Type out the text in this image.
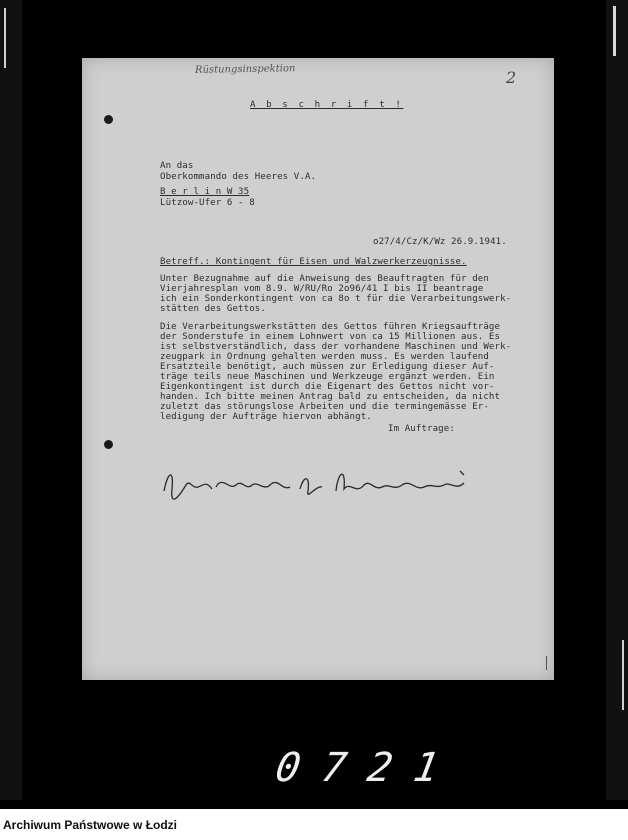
Rüstungsinspektion	2
A b s c h r i f t !
An das
Oberkommando des Heeres V.A.
B e r l i n W 35
Lützow-Ufer 6 - 8
o27/4/Cz/K/Wz 26.9.1941.
Betreff.: Kontingent für Eisen und Walzwerkerzeugnisse.
Unter Bezugnahme auf die Anweisung des Beauftragten für den
Vierjahresplan vom 8.9. W/RU/Ro 2o96/41 I bis II beantrage
ich ein Sonderkontingent von ca 8o t für die Verarbeitungswerk-
stätten des Gettos.
Die Verarbeitungswerkstätten des Gettos führen Kriegsaufträge
der Sonderstufe in einem Lohnwert von ca 15 Millionen aus. Es
ist selbstverständlich, dass der vorhandene Maschinen und Werk-
zeugpark in Ordnung gehalten werden muss. Es werden laufend
Ersatzteile benötigt, auch müssen zur Erledigung dieser Auf-
träge teils neue Maschinen und Werkzeuge ergänzt werden. Ein
Eigenkontingent ist durch die Eigenart des Gettos nicht vor-
handen. Ich bitte meinen Antrag bald zu entscheiden, da nicht
zuletzt das störungslose Arbeiten und die termingemässe Er-
ledigung der Aufträge hiervon abhängt.
Im Auftrage:
0 7 2 1
Archiwum Państwowe w Łodzi
